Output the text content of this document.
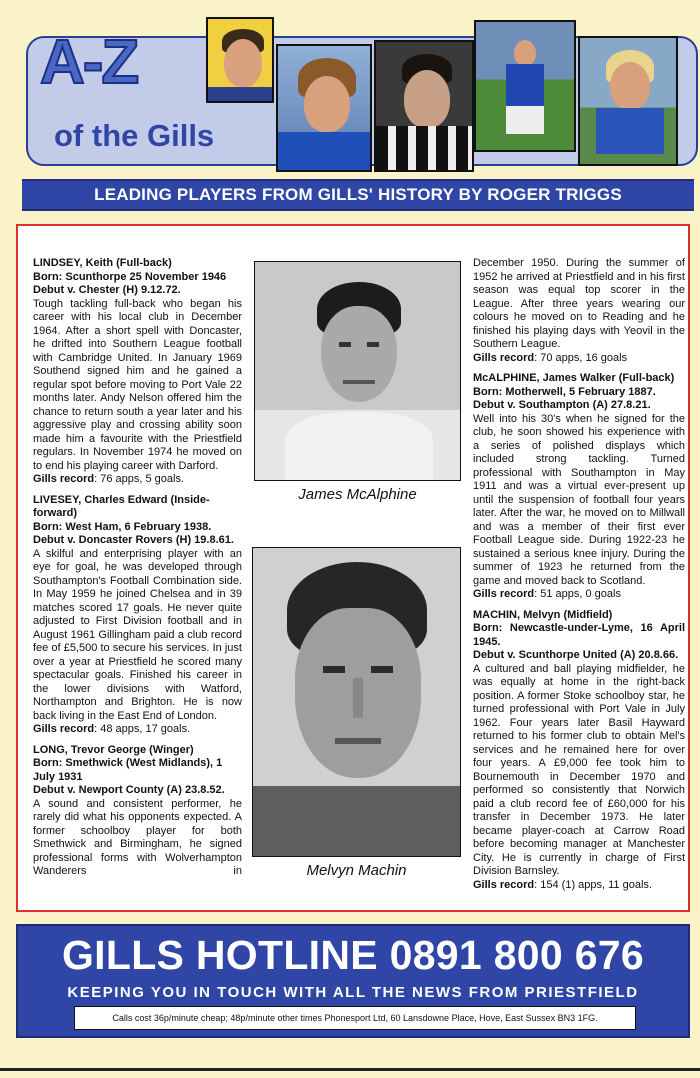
A-Z
of the Gills
LEADING PLAYERS FROM GILLS' HISTORY BY ROGER TRIGGS
LINDSEY, Keith (Full-back)
Born: Scunthorpe 25 November 1946
Debut v. Chester (H) 9.12.72.

Tough tackling full-back who began his career with his local club in December 1964. After a short spell with Doncaster, he drifted into Southern League football with Cambridge United. In January 1969 Southend signed him and he gained a regular spot before moving to Port Vale 22 months later. Andy Nelson offered him the chance to return south a year later and his aggressive play and crossing ability soon made him a favourite with the Priestfield regulars. In November 1974 he moved on to end his playing career with Darford.

Gills record: 76 apps, 5 goals.
LIVESEY, Charles Edward (Inside-forward)
Born: West Ham, 6 February 1938.
Debut v. Doncaster Rovers (H) 19.8.61.

A skilful and enterprising player with an eye for goal, he was developed through Southampton's Football Combination side. In May 1959 he joined Chelsea and in 39 matches scored 17 goals. He never quite adjusted to First Division football and in August 1961 Gillingham paid a club record fee of £5,500 to secure his services. In just over a year at Priestfield he scored many spectacular goals. Finished his career in the lower divisions with Watford, Northampton and Brighton. He is now back living in the East End of London.

Gills record: 48 apps, 17 goals.
LONG, Trevor George (Winger)
Born: Smethwick (West Midlands), 1 July 1931
Debut v. Newport County (A) 23.8.52.

A sound and consistent performer, he rarely did what his opponents expected. A former schoolboy player for both Smethwick and Birmingham, he signed professional forms with Wolverhampton Wanderers in

James McAlphine
Melvyn Machin

December 1950. During the summer of 1952 he arrived at Priestfield and in his first season was equal top scorer in the League. After three years wearing our colours he moved on to Reading and he finished his playing days with Yeovil in the Southern League.

Gills record: 70 apps, 16 goals
McALPHINE, James Walker (Full-back)
Born: Motherwell, 5 February 1887.
Debut v. Southampton (A) 27.8.21.

Well into his 30's when he signed for the club, he soon showed his experience with a series of polished displays which included strong tackling. Turned professional with Southampton in May 1911 and was a virtual ever-present up until the suspension of football four years later. After the war, he moved on to Millwall and was a member of their first ever Football League side. During 1922-23 he sustained a serious knee injury. During the summer of 1923 he returned from the game and moved back to Scotland.

Gills record: 51 apps, 0 goals
MACHIN, Melvyn (Midfield)
Born: Newcastle-under-Lyme, 16 April 1945.
Debut v. Scunthorpe United (A) 20.8.66.

A cultured and ball playing midfielder, he was equally at home in the right-back position. A former Stoke schoolboy star, he turned professional with Port Vale in July 1962. Four years later Basil Hayward returned to his former club to obtain Mel's services and he remained here for over four years. A £9,000 fee took him to Bournemouth in December 1970 and performed so consistently that Norwich paid a club record fee of £60,000 for his transfer in December 1973. He later became player-coach at Carrow Road before becoming manager at Manchester City. He is currently in charge of First Division Barnsley.

Gills record: 154 (1) apps, 11 goals.
GILLS HOTLINE 0891 800 676
KEEPING YOU IN TOUCH WITH ALL THE NEWS FROM PRIESTFIELD
Calls cost 36p/minute cheap; 48p/minute other times Phonesport Ltd, 60 Lansdowne Place, Hove, East Sussex BN3 1FG.
